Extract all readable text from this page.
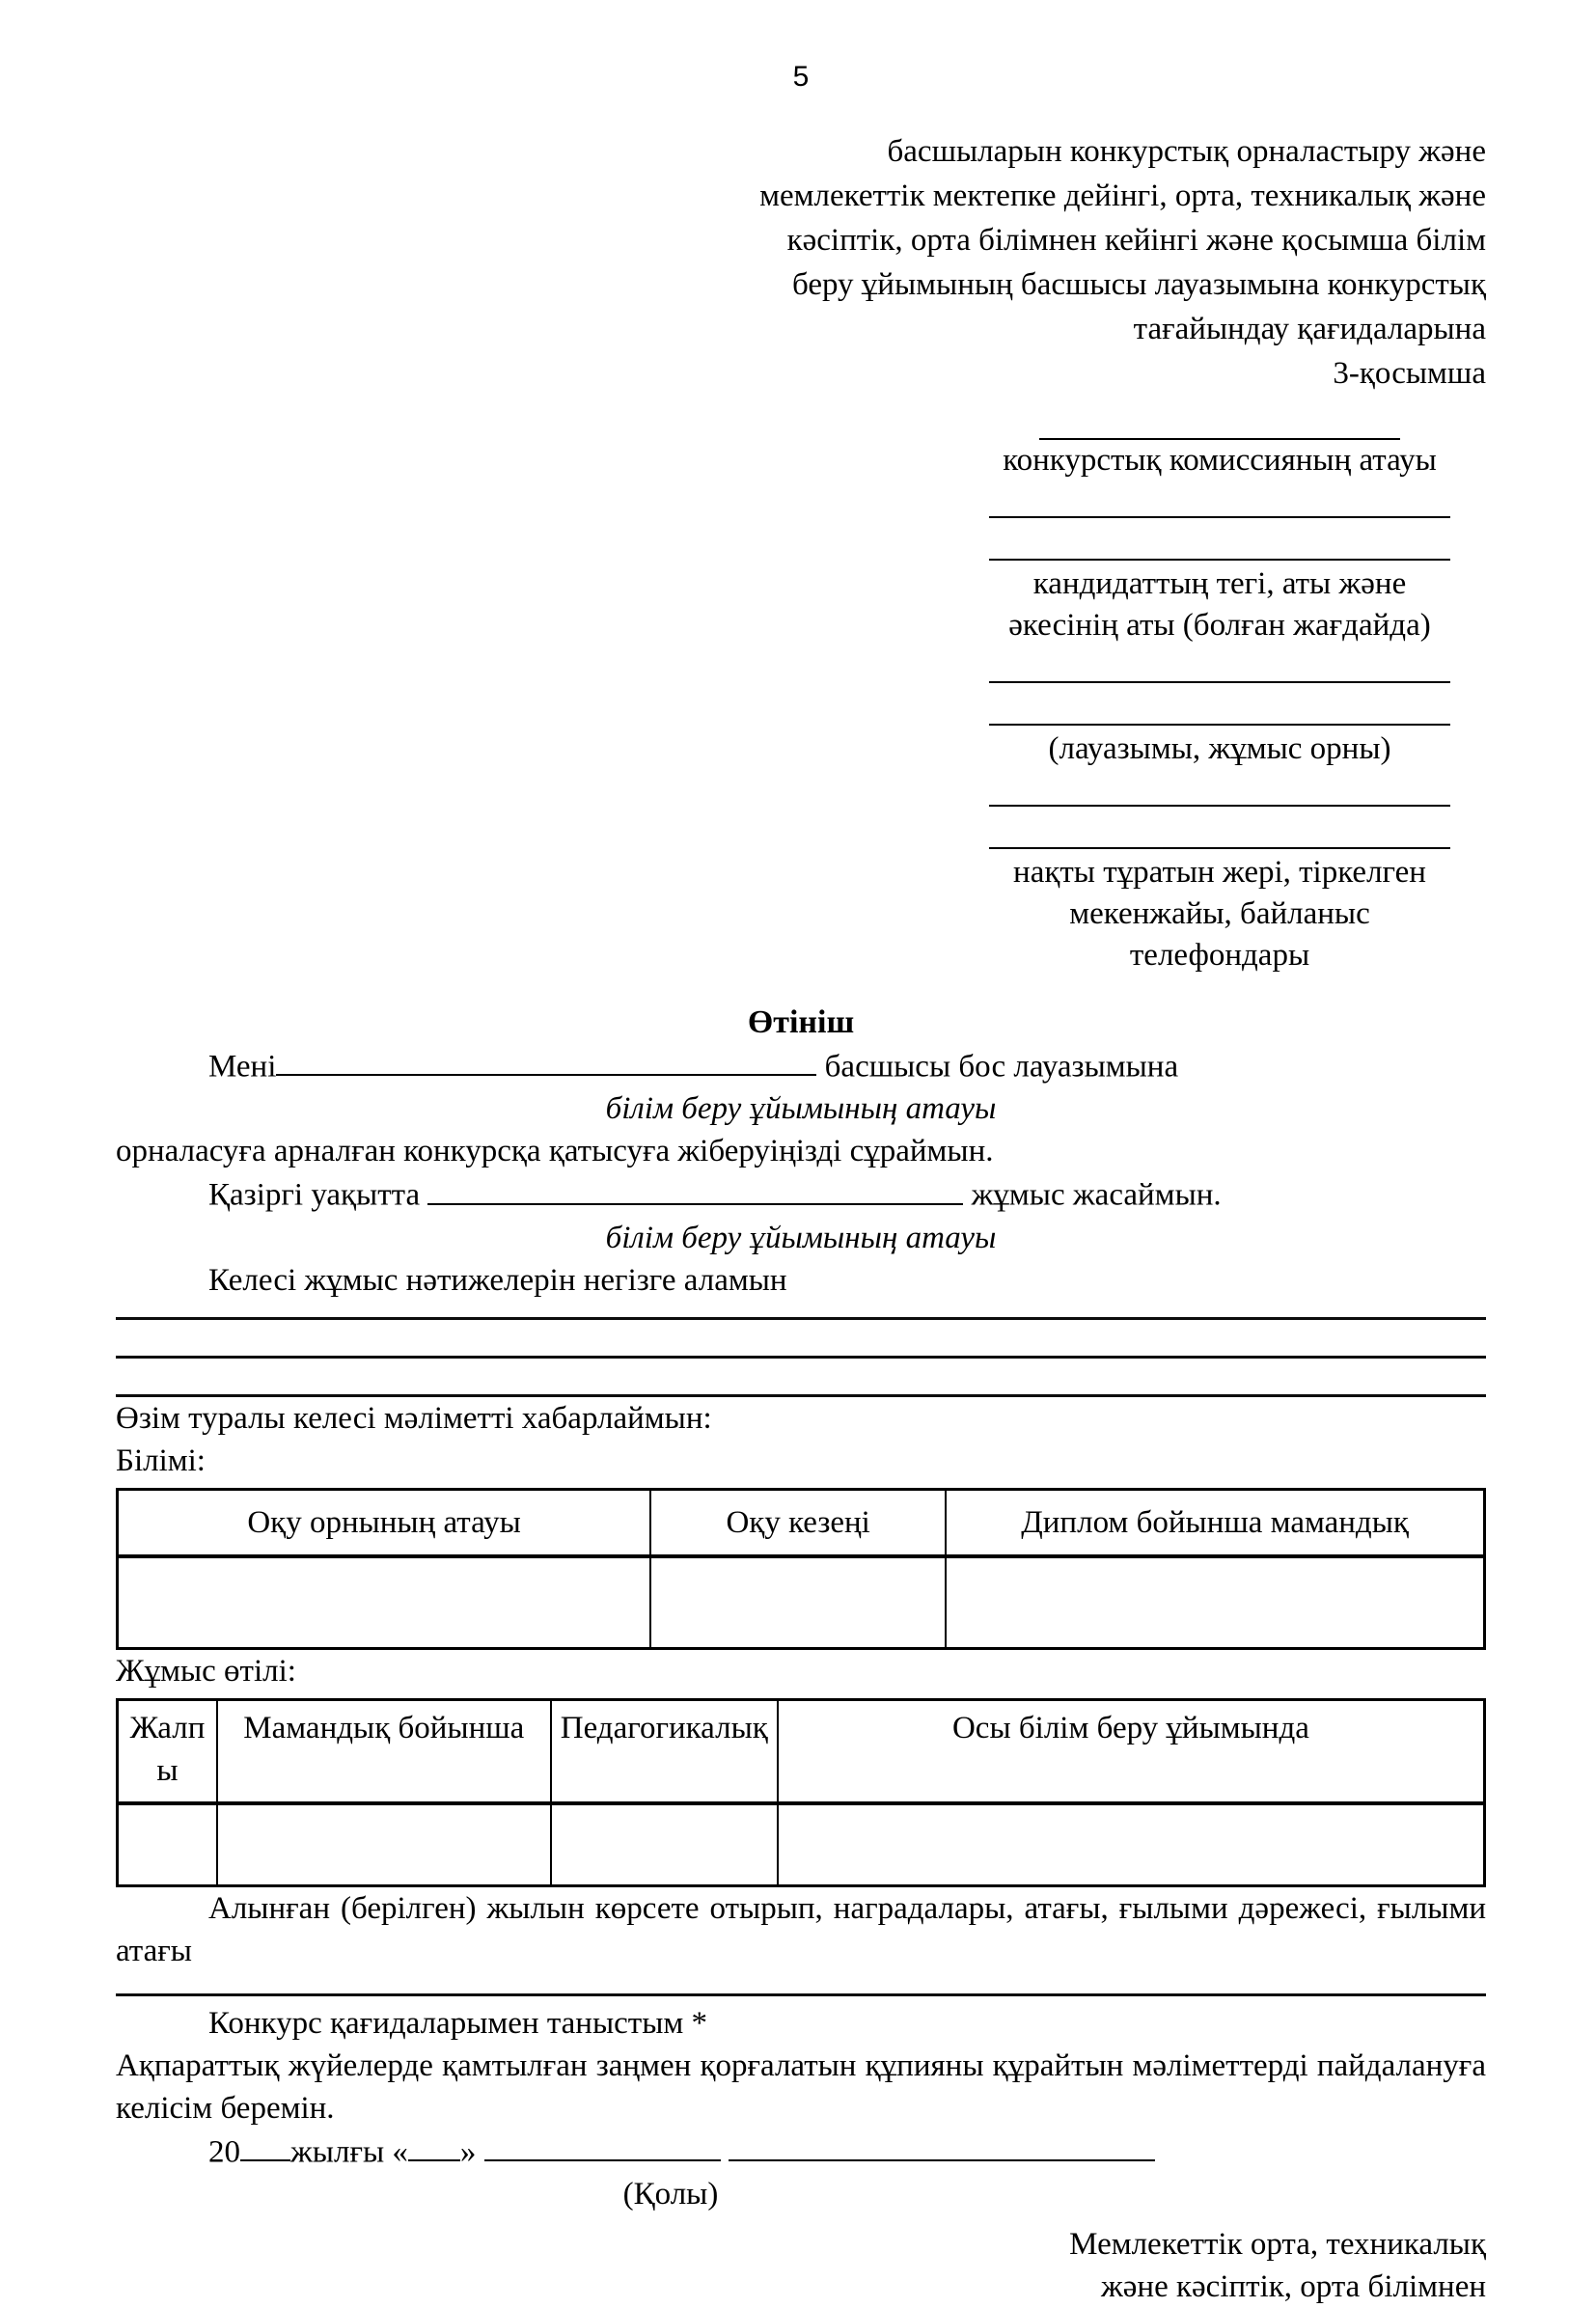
5
басшыларын конкурстық орналастыру және
мемлекеттік мектепке дейінгі, орта, техникалық және
кәсіптік, орта білімнен кейінгі және қосымша білім
беру ұйымының басшысы лауазымына конкурстық
тағайындау қағидаларына
3-қосымша
конкурстық комиссияның атауы
кандидаттың тегі, аты және
әкесінің аты (болған жағдайда)
(лауазымы, жұмыс орны)
нақты тұратын жері, тіркелген
мекенжайы, байланыс
телефондары
Өтініш

Мені	басшысы бос лауазымына

білім беру ұйымының атауы

орналасуға арналған конкурсқа қатысуға жіберуіңізді сұраймын.

Қазіргі уақытта	жұмыс жасаймын.

білім беру ұйымының атауы

Келесі жұмыс нәтижелерін негізге аламын

Өзім туралы келесі мәліметті хабарлаймын:

Білімі:

Оқу орнының атауы	Оқу кезеңі	Диплом бойынша мамандық

Жұмыс өтілі:

Жалпы	Мамандық бойынша	Педагогикалық	Осы білім беру ұйымында

Алынған (берілген) жылын көрсете отырып, наградалары, атағы, ғылыми дәрежесі, ғылыми атағы

Конкурс қағидаларымен таныстым *

Ақпараттық жүйелерде қамтылған заңмен қорғалатын құпияны құрайтын мәліметтерді пайдалануға келісім беремін.

20 жылғы « »

(Қолы)

Мемлекеттік орта, техникалық
және кәсіптік, орта білімнен
